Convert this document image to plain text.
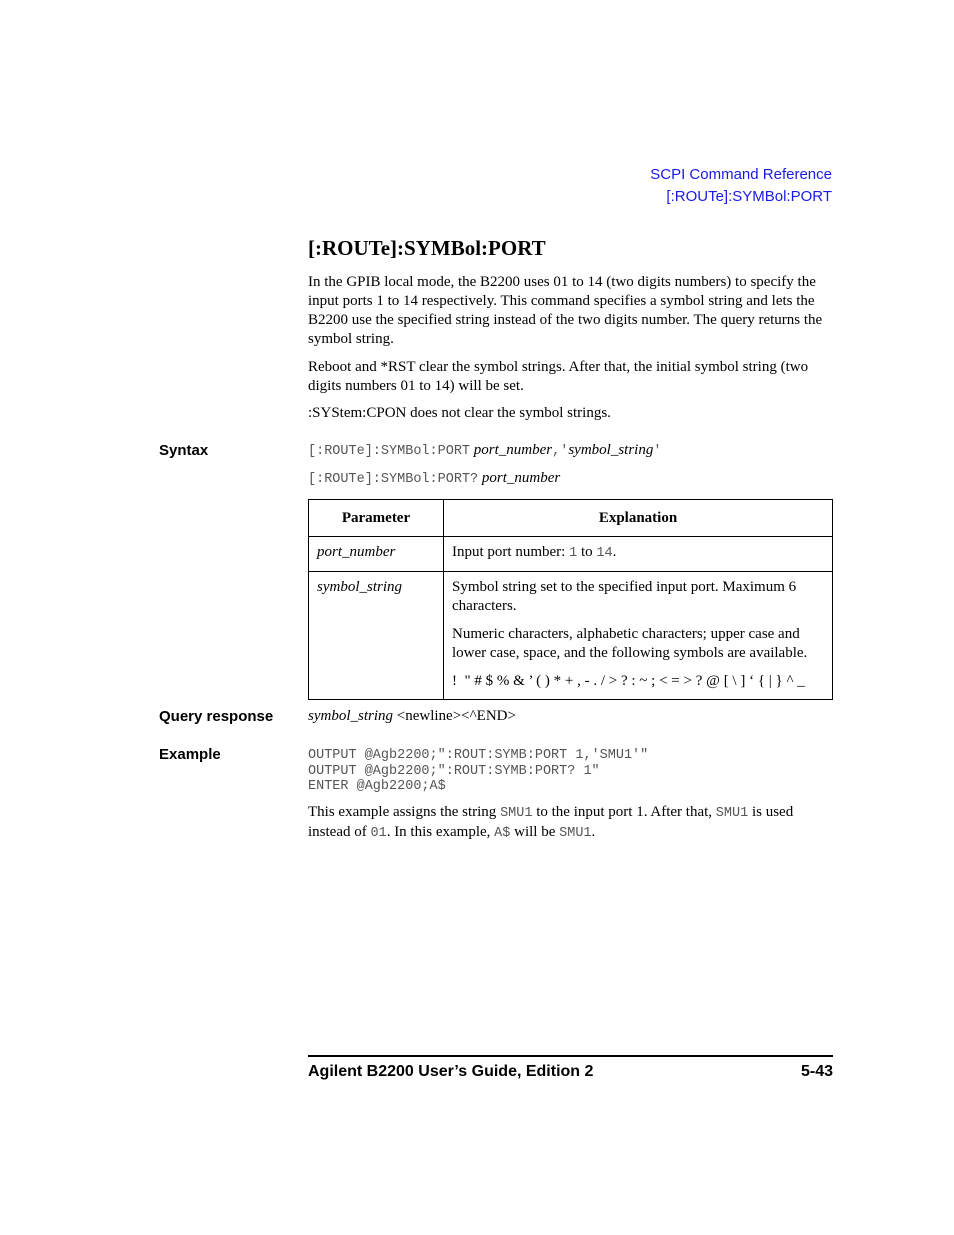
SCPI Command Reference
[:ROUTe]:SYMBol:PORT
[:ROUTe]:SYMBol:PORT

In the GPIB local mode, the B2200 uses 01 to 14 (two digits numbers) to specify the input ports 1 to 14 respectively. This command specifies a symbol string and lets the B2200 use the specified string instead of the two digits number. The query returns the symbol string.

Reboot and *RST clear the symbol strings. After that, the initial symbol string (two digits numbers 01 to 14) will be set.

:SYStem:CPON does not clear the symbol strings.

Syntax	[:ROUTe]:SYMBol:PORT port_number,'symbol_string'
[:ROUTe]:SYMBol:PORT? port_number
Parameter	Explanation
port_number	Input port number: 1 to 14.
symbol_string	Symbol string set to the specified input port. Maximum 6 characters.
Numeric characters, alphabetic characters; upper case and lower case, space, and the following symbols are available.
!  " # $ % & ’ ( ) * + , - . / > ? : ~ ; < = > ? @ [ \ ] ‘ { | } ^ _
Query response symbol_string <newline><^END>
Example	OUTPUT @Agb2200;":ROUT:SYMB:PORT 1,'SMU1'"
OUTPUT @Agb2200;":ROUT:SYMB:PORT? 1"
ENTER @Agb2200;A$

This example assigns the string SMU1 to the input port 1. After that, SMU1 is used instead of 01. In this example, A$ will be SMU1.

Agilent B2200 User’s Guide, Edition 2	5-43
